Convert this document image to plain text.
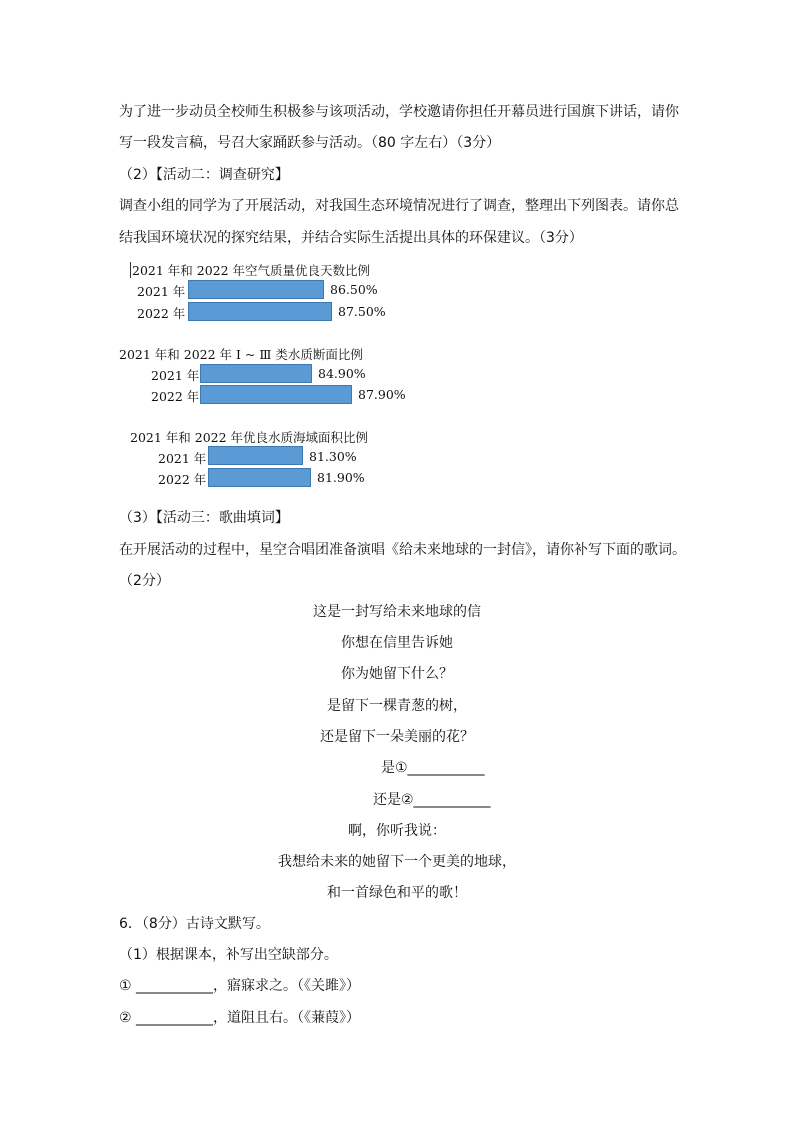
为了进一步动员全校师生积极参与该项活动，学校邀请你担任开幕员进行国旗下讲话，请你
写一段发言稿，号召大家踊跃参与活动。（80 字左右）（3分）
（2）【活动二：调查研究】
调查小组的同学为了开展活动，对我国生态环境情况进行了调查，整理出下列图表。请你总
结我国环境状况的探究结果，并结合实际生活提出具体的环保建议。（3分）
2021 年和 2022 年空气质量优良天数比例
2021 年	86.50%
2022 年	87.50%
2021 年和 2022 年 Ⅰ ~ Ⅲ 类水质断面比例
2021 年	84.90%
2022 年	87.90%
2021 年和 2022 年优良水质海域面积比例
2021 年	81.30%
2022 年	81.90%
（3）【活动三：歌曲填词】
在开展活动的过程中，星空合唱团准备演唱《给未来地球的一封信》，请你补写下面的歌词。
（2分）
这是一封写给未来地球的信
你想在信里告诉她
你为她留下什么？
是留下一棵青葱的树，
还是留下一朵美丽的花？
是①___________
还是②___________
啊，你听我说：
我想给未来的她留下一个更美的地球，
和一首绿色和平的歌！
6．（8分）古诗文默写。
（1）根据课本，补写出空缺部分。
① ___________，寤寐求之。（《关雎》）
② ___________，道阻且右。（《蒹葭》）
